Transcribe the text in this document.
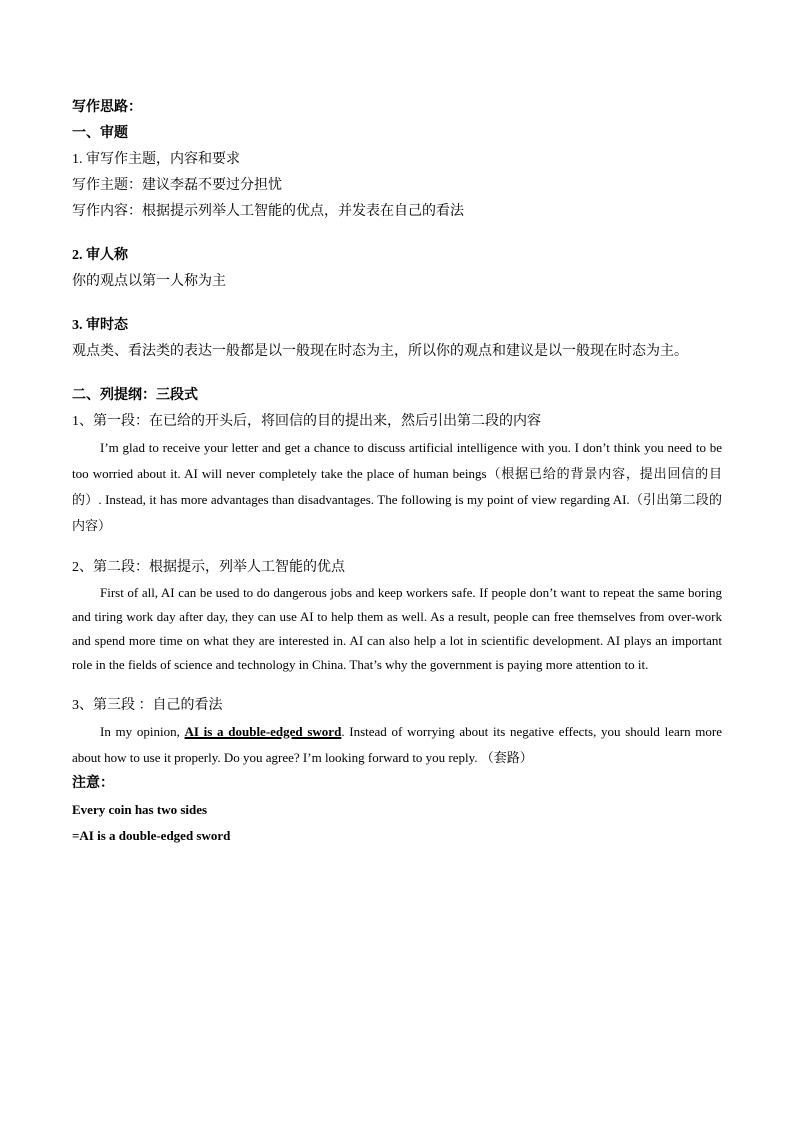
写作思路：
一、审题
1. 审写作主题，内容和要求
写作主题：建议李磊不要过分担忧
写作内容：根据提示列举人工智能的优点，并发表在自己的看法
2. 审人称
你的观点以第一人称为主
3. 审时态
观点类、看法类的表达一般都是以一般现在时态为主，所以你的观点和建议是以一般现在时态为主。
二、列提纲：三段式
1、第一段：在已给的开头后，将回信的目的提出来，然后引出第二段的内容

I’m glad to receive your letter and get a chance to discuss artificial intelligence with you. I don’t think you need to be too worried about it. AI will never completely take the place of human beings（根据已给的背景内容，提出回信的目的）. Instead, it has more advantages than disadvantages. The following is my point of view regarding AI.（引出第二段的内容）

2、第二段：根据提示，列举人工智能的优点

First of all, AI can be used to do dangerous jobs and keep workers safe. If people don’t want to repeat the same boring and tiring work day after day, they can use AI to help them as well. As a result, people can free themselves from over-work and spend more time on what they are interested in. AI can also help a lot in scientific development. AI plays an important role in the fields of science and technology in China. That’s why the government is paying more attention to it.

3、第三段 ：自己的看法

In my opinion, AI is a double-edged sword. Instead of worrying about its negative effects, you should learn more about how to use it properly. Do you agree? I’m looking forward to you reply. （套路）

注意：
Every coin has two sides
=AI is a double-edged sword
